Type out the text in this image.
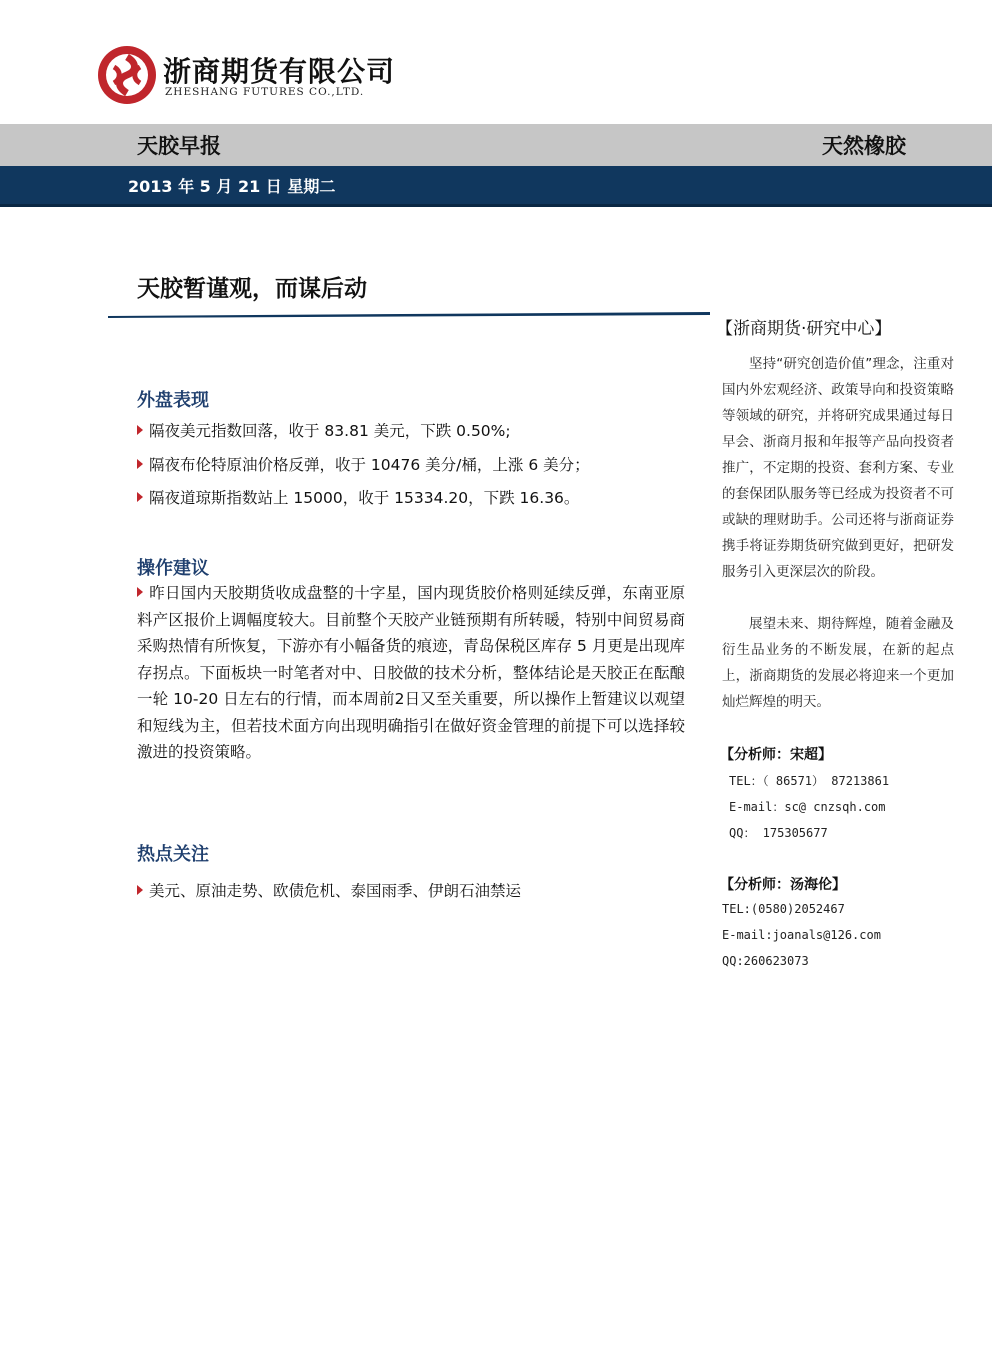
浙商期货有限公司
ZHESHANG FUTURES CO.,LTD.
天胶早报	天然橡胶
2013 年 5 月 21 日 星期二
天胶暂谨观，而谋后动
外盘表现
隔夜美元指数回落，收于 83.81 美元，下跌 0.50%;
隔夜布伦特原油价格反弹，收于 10476 美分/桶，上涨 6 美分；
隔夜道琼斯指数站上 15000，收于 15334.20，下跌 16.36。
操作建议
昨日国内天胶期货收成盘整的十字星，国内现货胶价格则延续反弹，东南亚原料产区报价上调幅度较大。目前整个天胶产业链预期有所转暖，特别中间贸易商采购热情有所恢复，下游亦有小幅备货的痕迹，青岛保税区库存 5 月更是出现库存拐点。下面板块一时笔者对中、日胶做的技术分析，整体结论是天胶正在酝酿一轮 10-20 日左右的行情，而本周前2日又至关重要，所以操作上暂建议以观望和短线为主，但若技术面方向出现明确指引在做好资金管理的前提下可以选择较激进的投资策略。
热点关注
美元、原油走势、欧债危机、泰国雨季、伊朗石油禁运
【浙商期货·研究中心】
坚持“研究创造价值”理念，注重对国内外宏观经济、政策导向和投资策略等领域的研究，并将研究成果通过每日早会、浙商月报和年报等产品向投资者推广，不定期的投资、套利方案、专业的套保团队服务等已经成为投资者不可或缺的理财助手。公司还将与浙商证券携手将证券期货研究做到更好，把研发服务引入更深层次的阶段。
展望未来、期待辉煌，随着金融及衍生品业务的不断发展，在新的起点上，浙商期货的发展必将迎来一个更加灿烂辉煌的明天。
【分析师：宋超】
TEL：（ 86571） 87213861
E-mail：sc@ cnzsqh.com
QQ： 175305677
【分析师：汤海伦】
TEL:(0580)2052467
E-mail:joanals@126.com
QQ:260623073
